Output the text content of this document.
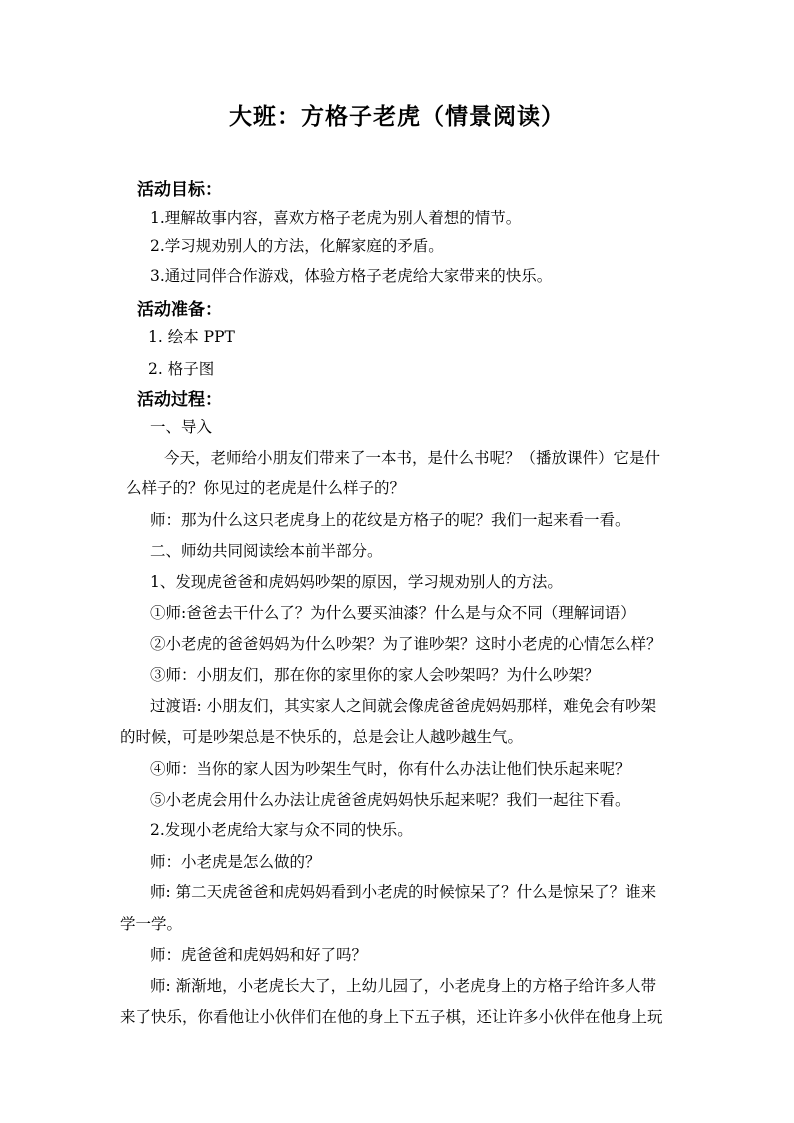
大班：方格子老虎（情景阅读）
活动目标：
1.理解故事内容，喜欢方格子老虎为别人着想的情节。
2.学习规劝别人的方法，化解家庭的矛盾。
3.通过同伴合作游戏，体验方格子老虎给大家带来的快乐。
活动准备：
1. 绘本 PPT
2. 格子图
活动过程：
一、导入
今天，老师给小朋友们带来了一本书，是什么书呢？（播放课件）它是什
么样子的？你见过的老虎是什么样子的？
师：那为什么这只老虎身上的花纹是方格子的呢？我们一起来看一看。
二、师幼共同阅读绘本前半部分。
1、发现虎爸爸和虎妈妈吵架的原因，学习规劝别人的方法。
①师:爸爸去干什么了？为什么要买油漆？什么是与众不同（理解词语）
②小老虎的爸爸妈妈为什么吵架？为了谁吵架？这时小老虎的心情怎么样？
③师：小朋友们，那在你的家里你的家人会吵架吗？为什么吵架？
过渡语: 小朋友们，其实家人之间就会像虎爸爸虎妈妈那样，难免会有吵架
的时候，可是吵架总是不快乐的，总是会让人越吵越生气。
④师：当你的家人因为吵架生气时，你有什么办法让他们快乐起来呢？
⑤小老虎会用什么办法让虎爸爸虎妈妈快乐起来呢？我们一起往下看。
2.发现小老虎给大家与众不同的快乐。
师：小老虎是怎么做的？
师: 第二天虎爸爸和虎妈妈看到小老虎的时候惊呆了？什么是惊呆了？谁来
学一学。
师：虎爸爸和虎妈妈和好了吗？
师: 渐渐地，小老虎长大了，上幼儿园了，小老虎身上的方格子给许多人带
来了快乐，你看他让小伙伴们在他的身上下五子棋，还让许多小伙伴在他身上玩
